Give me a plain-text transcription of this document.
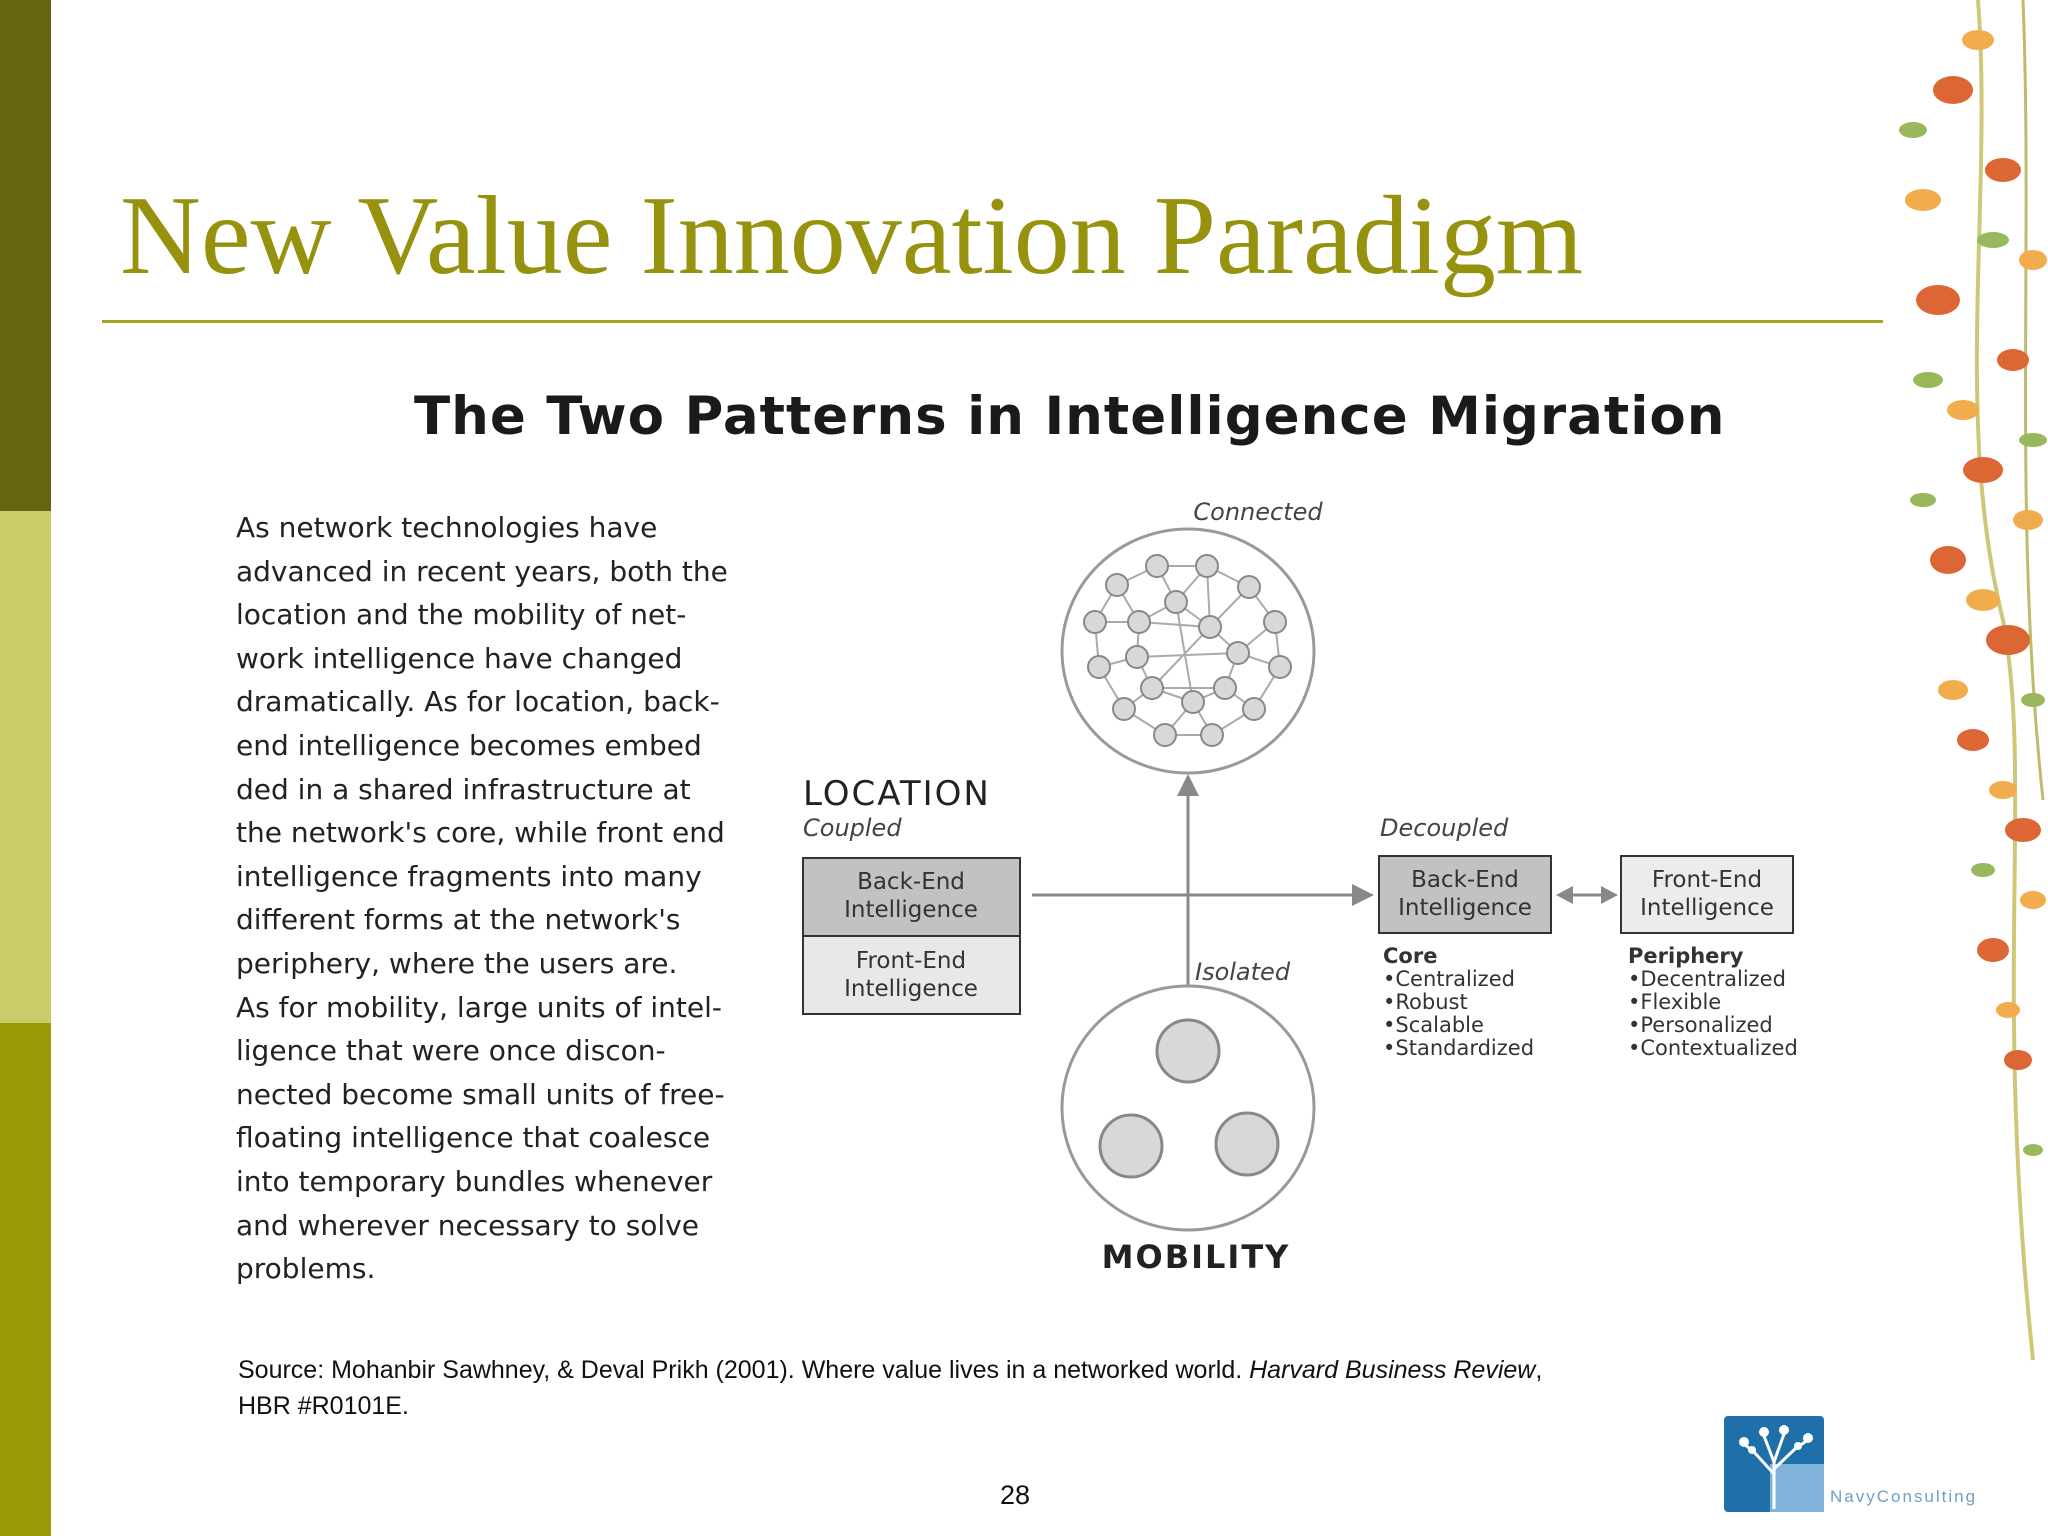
New Value Innovation Paradigm
The Two Patterns in Intelligence Migration
As network technologies have
advanced in recent years, both the
location and the mobility of net-
work intelligence have changed
dramatically. As for location, back-
end intelligence becomes embed
ded in a shared infrastructure at
the network's core, while front end
intelligence fragments into many
different forms at the network's
periphery, where the users are.
As for mobility, large units of intel-
ligence that were once discon-
nected become small units of free-
floating intelligence that coalesce
into temporary bundles whenever
and wherever necessary to solve
problems.
Connected
LOCATION
Coupled
Back-End
Intelligence
Front-End
Intelligence
Decoupled
Back-End
Intelligence
Front-End
Intelligence
Core
•Centralized
•Robust
•Scalable
•Standardized
Periphery
•Decentralized
•Flexible
•Personalized
•Contextualized
Isolated
MOBILITY
Source: Mohanbir Sawhney, & Deval Prikh (2001). Where value lives in a networked world. Harvard Business Review,
HBR #R0101E.
28	NavyConsulting
